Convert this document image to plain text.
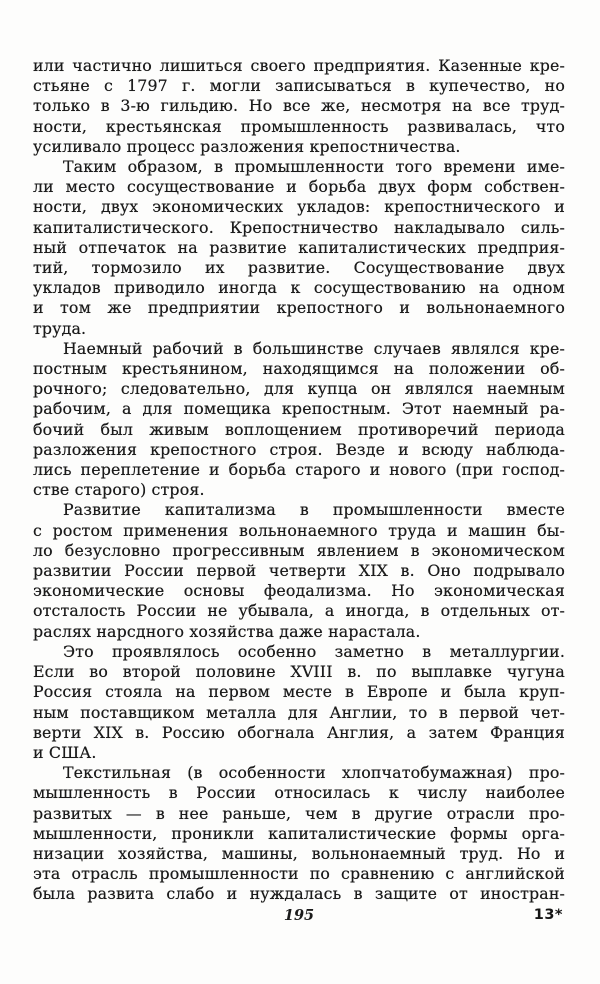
или частично лишиться своего предприятия. Казенные кре-
стьяне с 1797 г. могли записываться в купечество, но
только в 3-ю гильдию. Но все же, несмотря на все труд-
ности, крестьянская промышленность развивалась, что
усиливало процесс разложения крепостничества.
Таким образом, в промышленности того времени име-
ли место сосуществование и борьба двух форм собствен-
ности, двух экономических укладов: крепостнического и
капиталистического. Крепостничество накладывало силь-
ный отпечаток на развитие капиталистических предприя-
тий, тормозило их развитие. Сосуществование двух
укладов приводило иногда к сосуществованию на одном
и том же предприятии крепостного и вольнонаемного
труда.
Наемный рабочий в большинстве случаев являлся кре-
постным крестьянином, находящимся на положении об-
рочного; следовательно, для купца он являлся наемным
рабочим, а для помещика крепостным. Этот наемный ра-
бочий был живым воплощением противоречий периода
разложения крепостного строя. Везде и всюду наблюда-
лись переплетение и борьба старого и нового (при господ-
стве старого) строя.
Развитие капитализма в промышленности вместе
с ростом применения вольнонаемного труда и машин бы-
ло безусловно прогрессивным явлением в экономическом
развитии России первой четверти XIX в. Оно подрывало
экономические основы феодализма. Но экономическая
отсталость России не убывала, а иногда, в отдельных от-
раслях нарсдного хозяйства даже нарастала.
Это проявлялось особенно заметно в металлургии.
Если во второй половине XVIII в. по выплавке чугуна
Россия стояла на первом месте в Европе и была круп-
ным поставщиком металла для Англии, то в первой чет-
верти XIX в. Россию обогнала Англия, а затем Франция
и США.
Текстильная (в особенности хлопчатобумажная) про-
мышленность в России относилась к числу наиболее
развитых — в нее раньше, чем в другие отрасли про-
мышленности, проникли капиталистические формы орга-
низации хозяйства, машины, вольнонаемный труд. Но и
эта отрасль промышленности по сравнению с английской
была развита слабо и нуждалась в защите от иностран-
195	13*
